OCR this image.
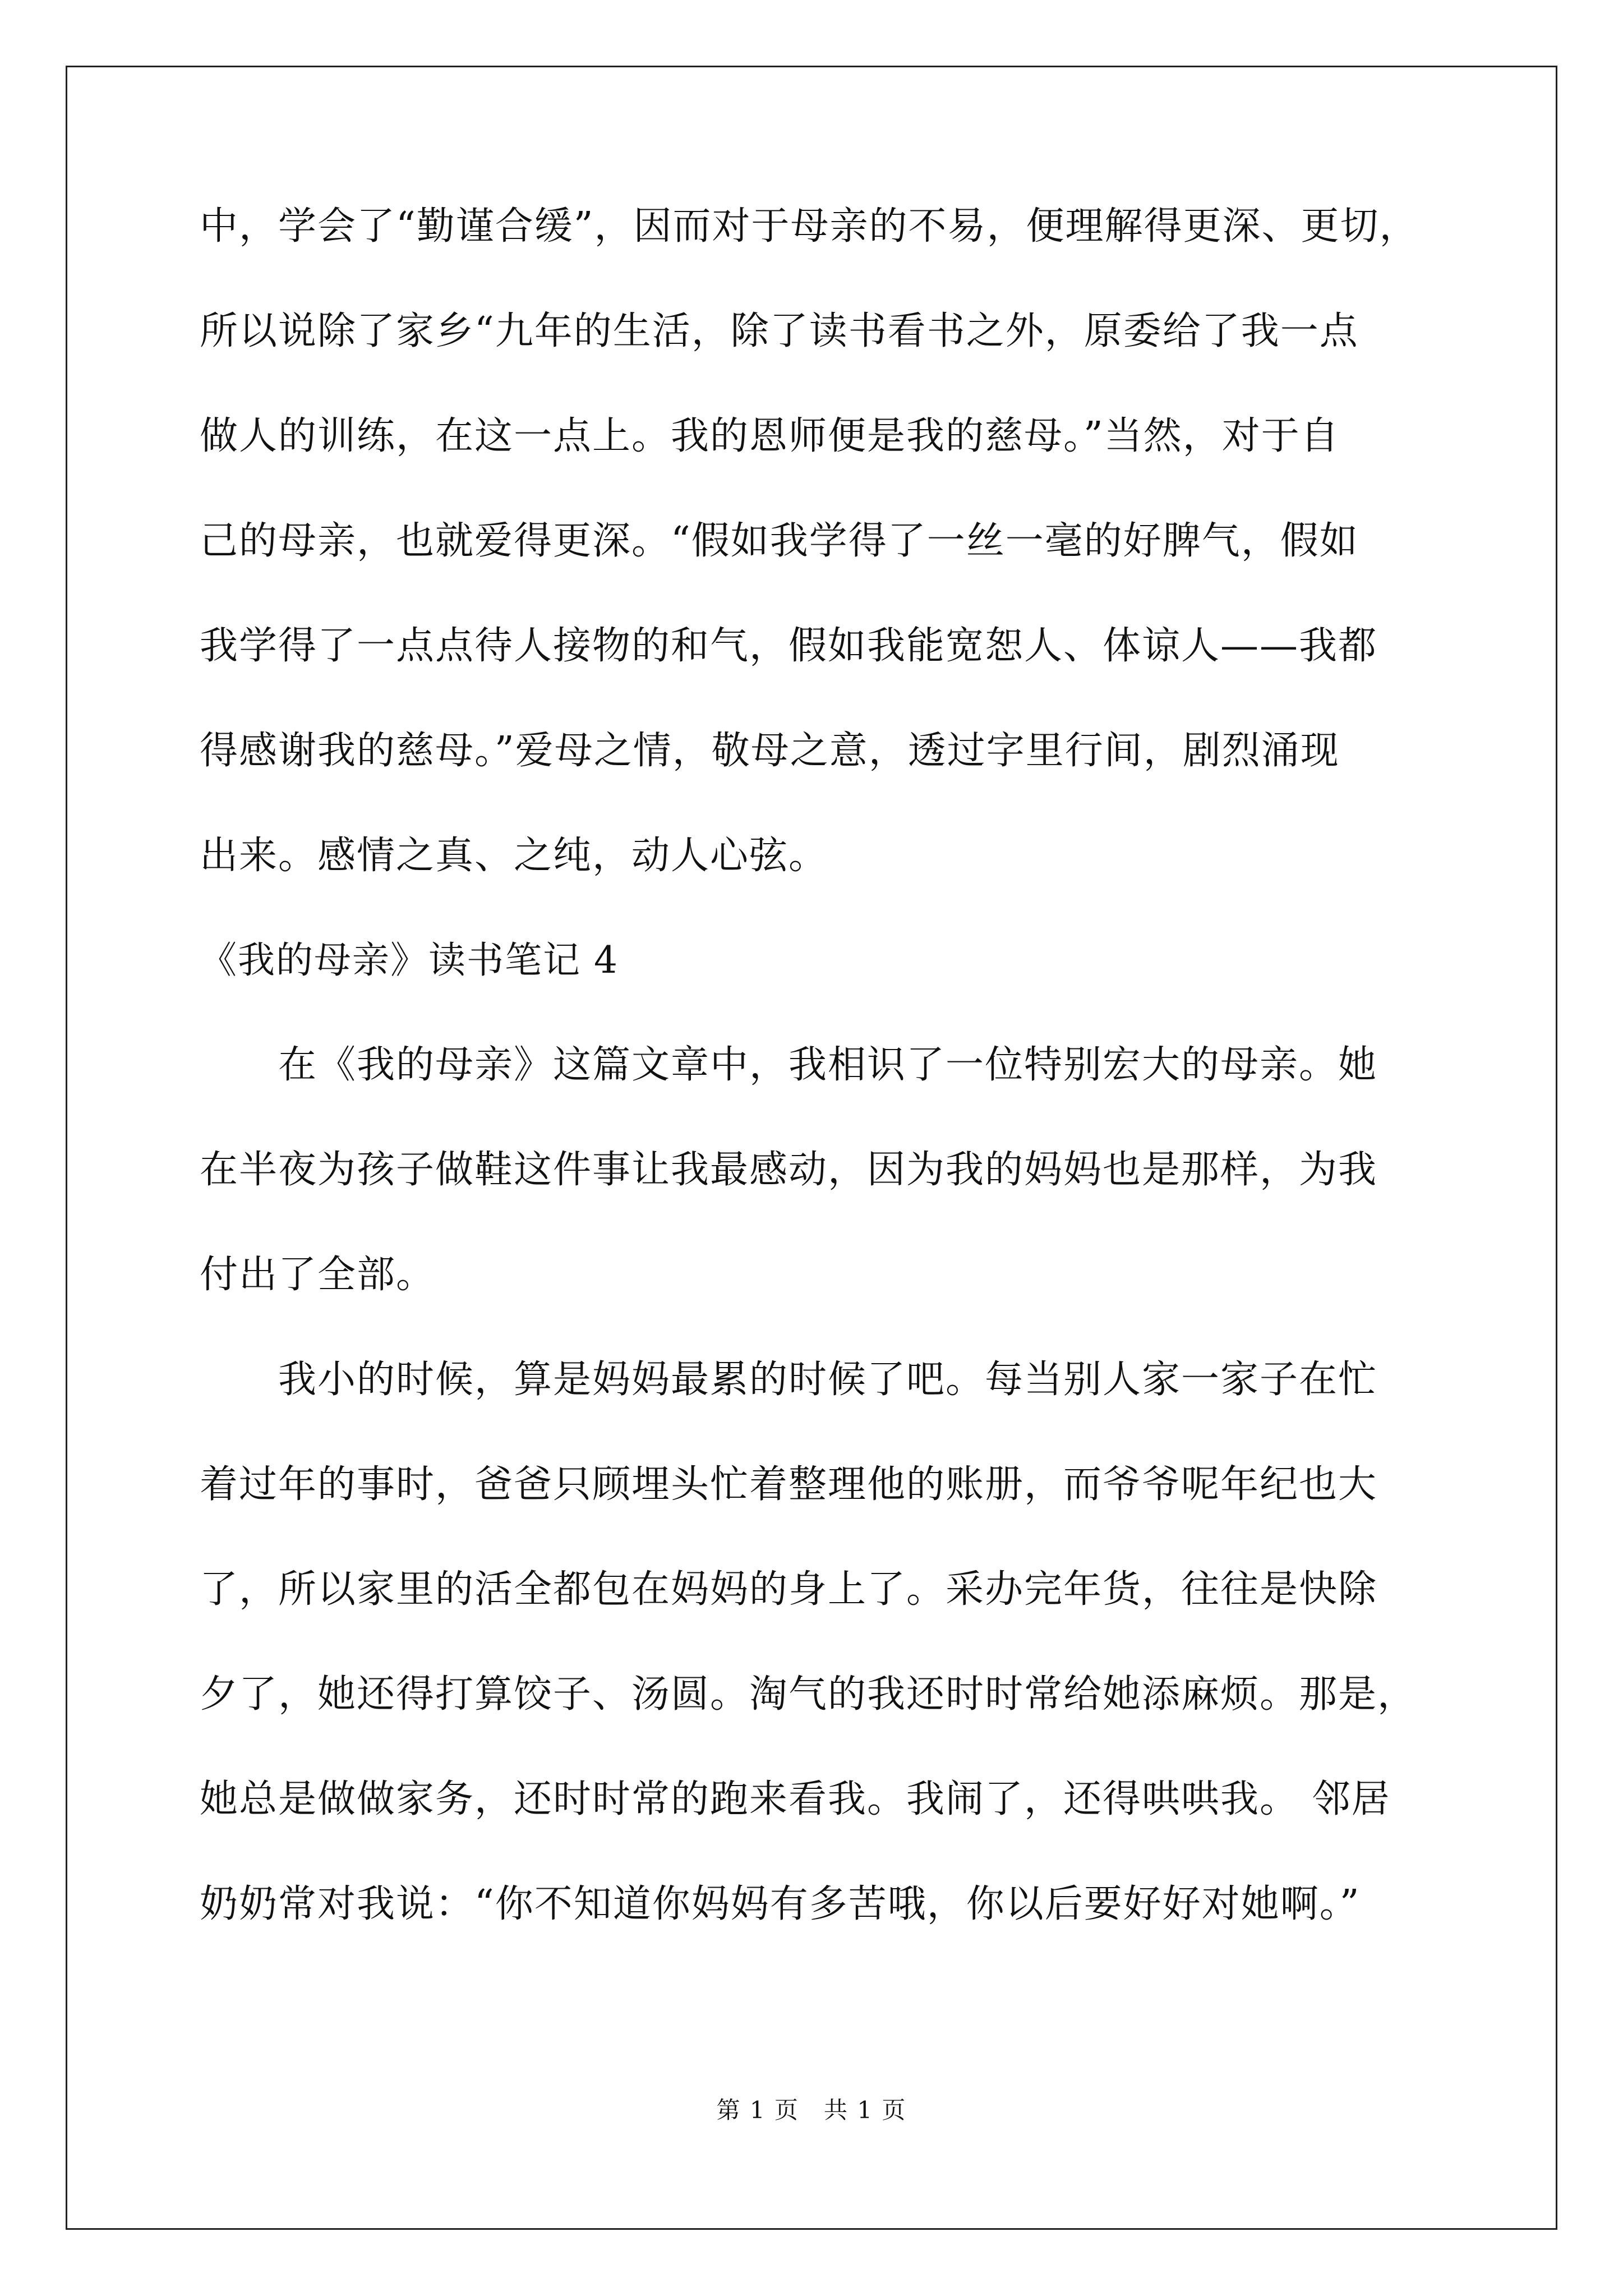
中，学会了“勤谨合缓”，因而对于母亲的不易，便理解得更深、更切，
所以说除了家乡“九年的生活，除了读书看书之外，原委给了我一点
做人的训练，在这一点上。我的恩师便是我的慈母。”当然，对于自
己的母亲，也就爱得更深。“假如我学得了一丝一毫的好脾气，假如
我学得了一点点待人接物的和气，假如我能宽恕人、体谅人——我都
得感谢我的慈母。”爱母之情，敬母之意，透过字里行间，剧烈涌现
出来。感情之真、之纯，动人心弦。
《我的母亲》读书笔记 4
在《我的母亲》这篇文章中，我相识了一位特别宏大的母亲。她
在半夜为孩子做鞋这件事让我最感动，因为我的妈妈也是那样，为我
付出了全部。
我小的时候，算是妈妈最累的时候了吧。每当别人家一家子在忙
着过年的事时，爸爸只顾埋头忙着整理他的账册，而爷爷呢年纪也大
了，所以家里的活全都包在妈妈的身上了。采办完年货，往往是快除
夕了，她还得打算饺子、汤圆。淘气的我还时时常给她添麻烦。那是，
她总是做做家务，还时时常的跑来看我。我闹了，还得哄哄我。 邻居
奶奶常对我说：“你不知道你妈妈有多苦哦，你以后要好好对她啊。”
第 1 页　共 1 页
